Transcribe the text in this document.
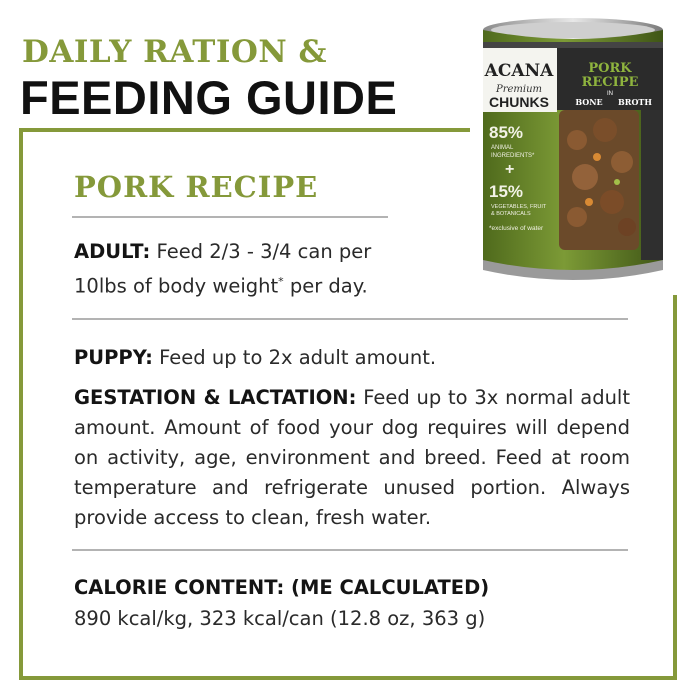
DAILY RATION &
FEEDING GUIDE	ACANA
Premium
CHUNKS
PORK
RECIPE
IN
BONE BROTH
85%
ANIMAL
INGREDIENTS*
+
15%
VEGETABLES, FRUIT
& BOTANICALS
*exclusive of water
PORK RECIPE
ADULT: Feed 2/3 - 3/4 can per 10lbs of body weight* per day.
PUPPY: Feed up to 2x adult amount.
GESTATION & LACTATION: Feed up to 3x normal adult amount. Amount of food your dog requires will depend on activity, age, environment and breed. Feed at room temperature and refrigerate unused portion. Always provide access to clean, fresh water.
CALORIE CONTENT: (ME CALCULATED)
890 kcal/kg, 323 kcal/can (12.8 oz, 363 g)
